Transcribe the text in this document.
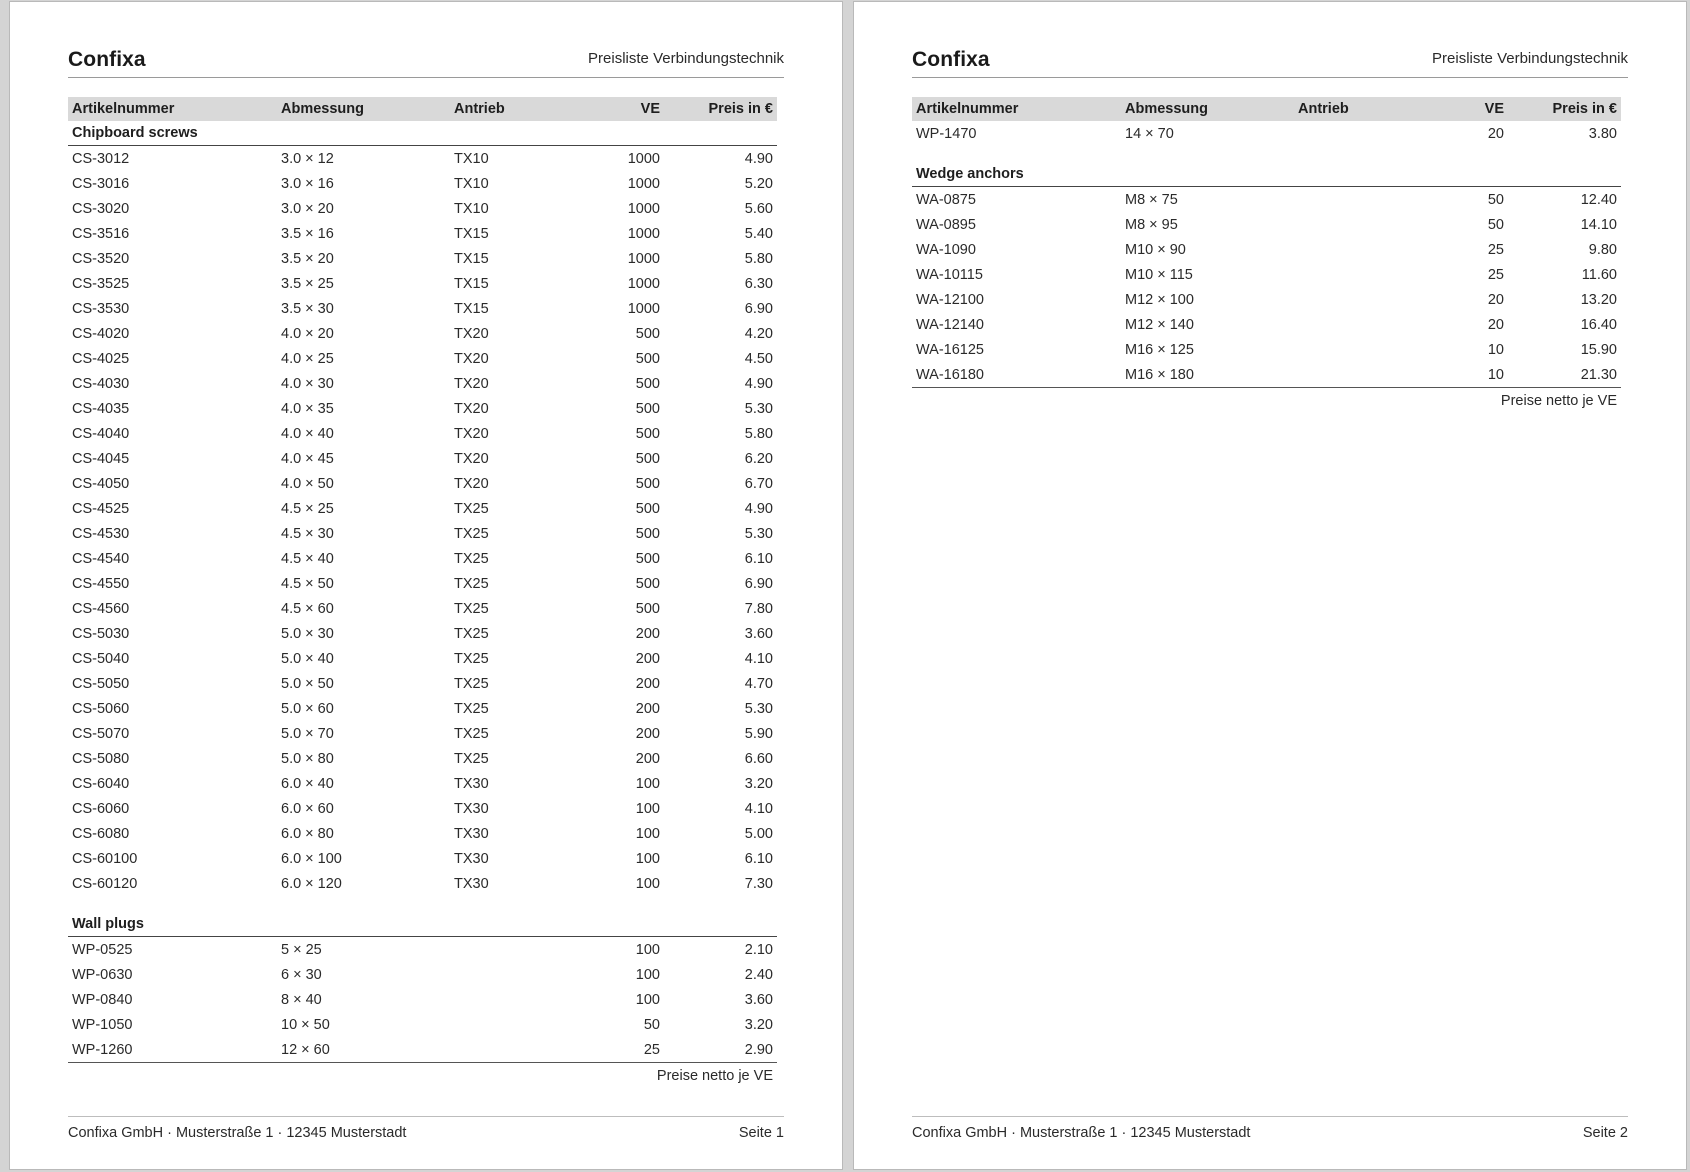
Confixa	Preisliste Verbindungstechnik
Artikelnummer	Abmessung	Antrieb	VE	Preis in €
Chipboard screws				
CS-3012	3.0 × 12	TX10	1000	4.90
CS-3016	3.0 × 16	TX10	1000	5.20
CS-3020	3.0 × 20	TX10	1000	5.60
CS-3516	3.5 × 16	TX15	1000	5.40
CS-3520	3.5 × 20	TX15	1000	5.80
CS-3525	3.5 × 25	TX15	1000	6.30
CS-3530	3.5 × 30	TX15	1000	6.90
CS-4020	4.0 × 20	TX20	500	4.20
CS-4025	4.0 × 25	TX20	500	4.50
CS-4030	4.0 × 30	TX20	500	4.90
CS-4035	4.0 × 35	TX20	500	5.30
CS-4040	4.0 × 40	TX20	500	5.80
CS-4045	4.0 × 45	TX20	500	6.20
CS-4050	4.0 × 50	TX20	500	6.70
CS-4525	4.5 × 25	TX25	500	4.90
CS-4530	4.5 × 30	TX25	500	5.30
CS-4540	4.5 × 40	TX25	500	6.10
CS-4550	4.5 × 50	TX25	500	6.90
CS-4560	4.5 × 60	TX25	500	7.80
CS-5030	5.0 × 30	TX25	200	3.60
CS-5040	5.0 × 40	TX25	200	4.10
CS-5050	5.0 × 50	TX25	200	4.70
CS-5060	5.0 × 60	TX25	200	5.30
CS-5070	5.0 × 70	TX25	200	5.90
CS-5080	5.0 × 80	TX25	200	6.60
CS-6040	6.0 × 40	TX30	100	3.20
CS-6060	6.0 × 60	TX30	100	4.10
CS-6080	6.0 × 80	TX30	100	5.00
CS-60100	6.0 × 100	TX30	100	6.10
CS-60120	6.0 × 120	TX30	100	7.30
Wall plugs				
WP-0525	5 × 25		100	2.10
WP-0630	6 × 30		100	2.40
WP-0840	8 × 40		100	3.60
WP-1050	10 × 50		50	3.20
WP-1260	12 × 60		25	2.90
Preise netto je VE				
Confixa GmbH · Musterstraße 1 · 12345 Musterstadt	Seite 1
Confixa	Preisliste Verbindungstechnik
Artikelnummer	Abmessung	Antrieb	VE	Preis in €
WP-1470	14 × 70		20	3.80
Wedge anchors				
WA-0875	M8 × 75		50	12.40
WA-0895	M8 × 95		50	14.10
WA-1090	M10 × 90		25	9.80
WA-10115	M10 × 115		25	11.60
WA-12100	M12 × 100		20	13.20
WA-12140	M12 × 140		20	16.40
WA-16125	M16 × 125		10	15.90
WA-16180	M16 × 180		10	21.30
Preise netto je VE				
Confixa GmbH · Musterstraße 1 · 12345 Musterstadt	Seite 2
